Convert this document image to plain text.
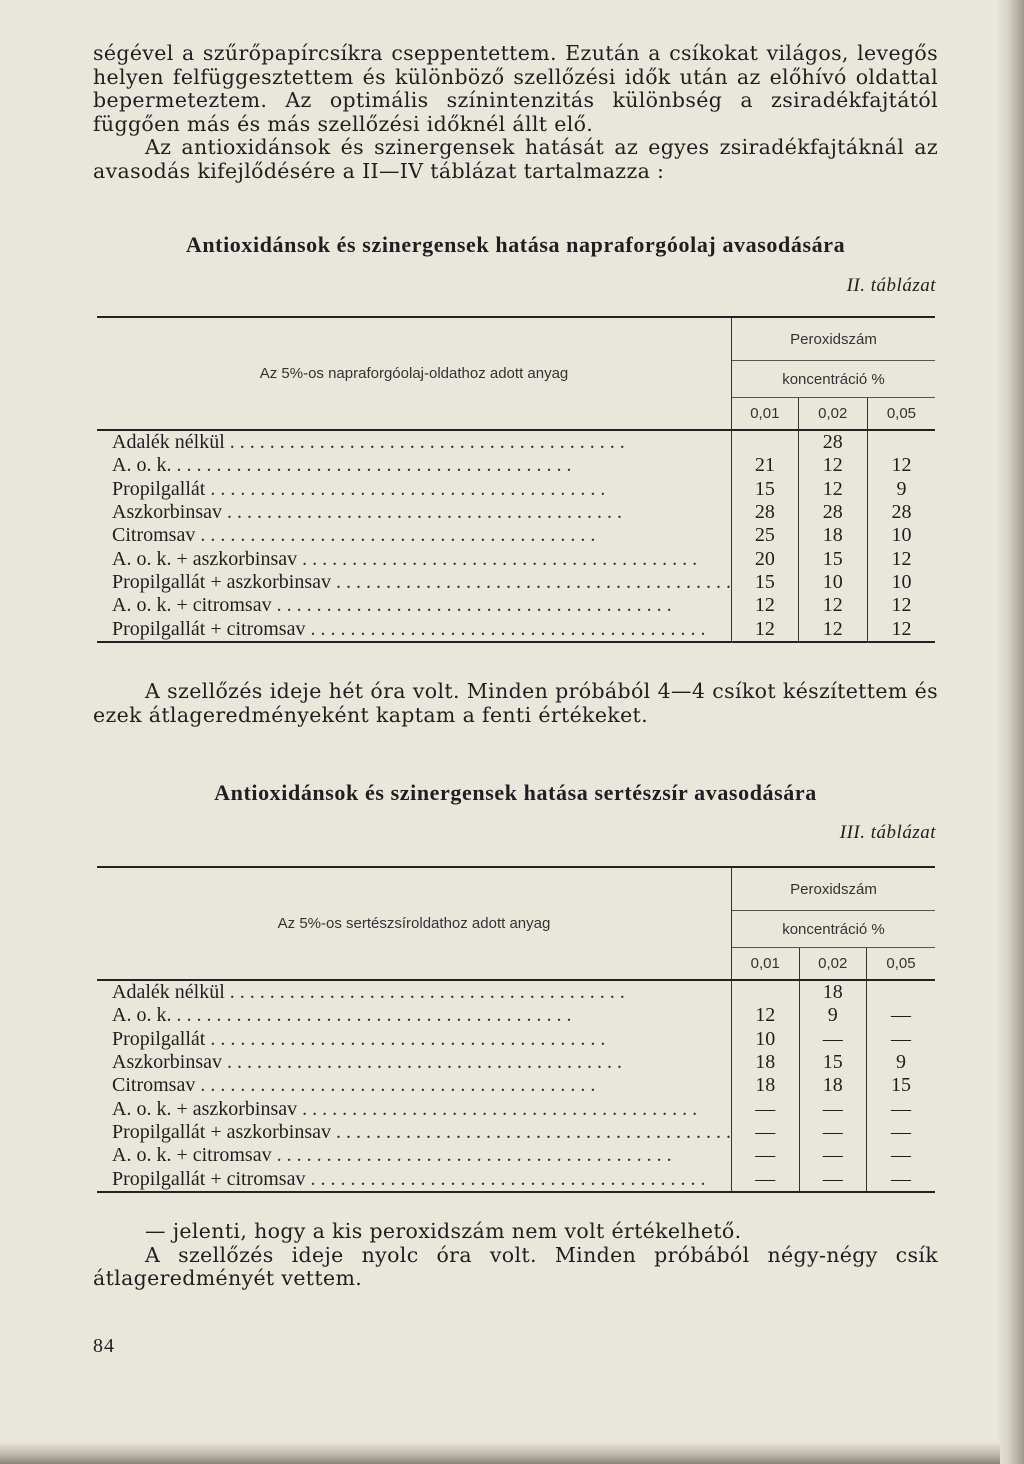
ségével a szűrőpapírcsíkra cseppentettem. Ezután a csíkokat világos, levegős helyen felfüggesztettem és különböző szellőzési idők után az előhívó oldattal bepermeteztem. Az optimális színintenzitás különbség a zsiradékfajtától függően más és más szellőzési időknél állt elő.

Az antioxidánsok és szinergensek hatását az egyes zsiradékfajtáknál az avasodás kifejlődésére a II—IV táblázat tartalmazza :

Antioxidánsok és szinergensek hatása napraforgóolaj avasodására
II. táblázat
Az 5%-os napraforgóolaj-oldathoz adott anyag	Peroxidszám		
	koncentráció %		
	0,01	0,02	0,05
Adalék nélkül . . . . . . . . . . . . . . . . . . . . . . . . . . . . . . . . . . . . . . . .		28	
A. o. k. . . . . . . . . . . . . . . . . . . . . . . . . . . . . . . . . . . . . . . . .	21	12	12
Propilgallát . . . . . . . . . . . . . . . . . . . . . . . . . . . . . . . . . . . . . . . .	15	12	9
Aszkorbinsav . . . . . . . . . . . . . . . . . . . . . . . . . . . . . . . . . . . . . . . .	28	28	28
Citromsav . . . . . . . . . . . . . . . . . . . . . . . . . . . . . . . . . . . . . . . .	25	18	10
A. o. k. + aszkorbinsav . . . . . . . . . . . . . . . . . . . . . . . . . . . . . . . . . . . . . . . .	20	15	12
Propilgallát + aszkorbinsav . . . . . . . . . . . . . . . . . . . . . . . . . . . . . . . . . . . . . . . .	15	10	10
A. o. k. + citromsav . . . . . . . . . . . . . . . . . . . . . . . . . . . . . . . . . . . . . . . .	12	12	12
Propilgallát + citromsav . . . . . . . . . . . . . . . . . . . . . . . . . . . . . . . . . . . . . . . .	12	12	12

A szellőzés ideje hét óra volt. Minden próbából 4—4 csíkot készítettem és ezek átlageredményeként kaptam a fenti értékeket.

Antioxidánsok és szinergensek hatása sertészsír avasodására
III. táblázat
Az 5%-os sertészsíroldathoz adott anyag	Peroxidszám		
	koncentráció %		
	0,01	0,02	0,05
Adalék nélkül . . . . . . . . . . . . . . . . . . . . . . . . . . . . . . . . . . . . . . . .		18	
A. o. k. . . . . . . . . . . . . . . . . . . . . . . . . . . . . . . . . . . . . . . . .	12	9	—
Propilgallát . . . . . . . . . . . . . . . . . . . . . . . . . . . . . . . . . . . . . . . .	10	—	—
Aszkorbinsav . . . . . . . . . . . . . . . . . . . . . . . . . . . . . . . . . . . . . . . .	18	15	9
Citromsav . . . . . . . . . . . . . . . . . . . . . . . . . . . . . . . . . . . . . . . .	18	18	15
A. o. k. + aszkorbinsav . . . . . . . . . . . . . . . . . . . . . . . . . . . . . . . . . . . . . . . .	—	—	—
Propilgallát + aszkorbinsav . . . . . . . . . . . . . . . . . . . . . . . . . . . . . . . . . . . . . . . .	—	—	—
A. o. k. + citromsav . . . . . . . . . . . . . . . . . . . . . . . . . . . . . . . . . . . . . . . .	—	—	—
Propilgallát + citromsav . . . . . . . . . . . . . . . . . . . . . . . . . . . . . . . . . . . . . . . .	—	—	—

— jelenti, hogy a kis peroxidszám nem volt értékelhető.

A szellőzés ideje nyolc óra volt. Minden próbából négy-négy csík átlageredményét vettem.

84
